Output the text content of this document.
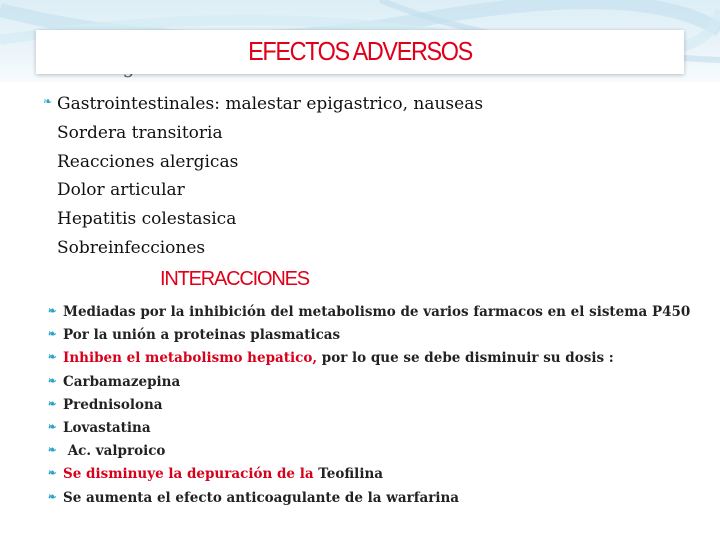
EFECTOS ADVERSOS
❧ Gastrointestinales: malestar epigastrico, nauseas
Sordera transitoria
Reacciones alergicas
Dolor articular
Hepatitis colestasica
Sobreinfecciones
INTERACCIONES
❧ Mediadas por la inhibición del metabolismo de varios farmacos en el sistema P450
❧ Por la unión a proteinas plasmaticas
❧ Inhiben el metabolismo hepatico, por lo que se debe disminuir su dosis :
❧ Carbamazepina
❧ Prednisolona
❧ Lovastatina
❧ Ac. valproico
❧ Se disminuye la depuración de la Teofilina
❧ Se aumenta el efecto anticoagulante de la warfarina
